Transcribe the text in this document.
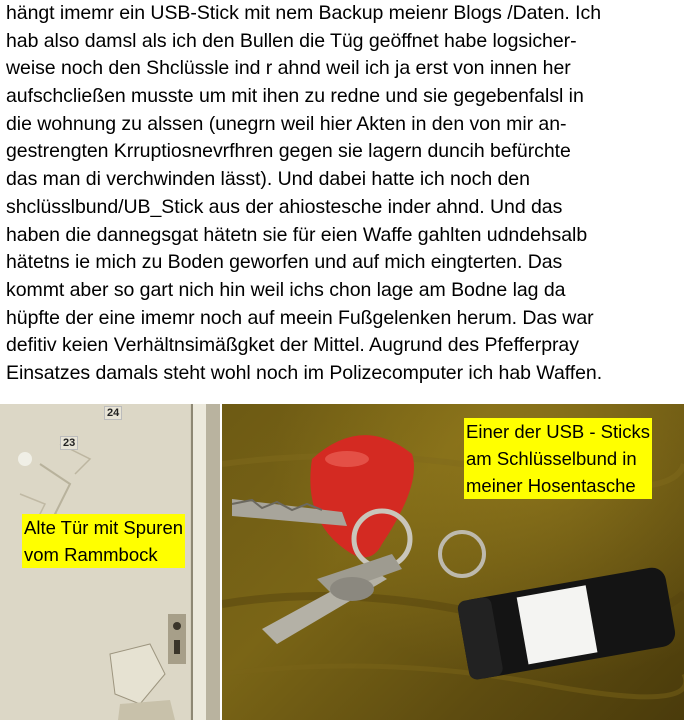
hängt imemr ein USB-Stick mit nem Backup meienr Blogs /Daten. Ich

hab also damsl als ich den Bullen die Tüg geöffnet habe logsicher-

weise noch den Shclüssle ind r ahnd weil ich ja erst von innen her

aufschcließen musste um mit ihen zu redne und sie gegebenfalsl in

die wohnung zu alssen (unegrn weil hier Akten in den von mir an-

gestrengten Krruptiosnevrfhren gegen sie lagern duncih befürchte

das man di verchwinden lässt). Und dabei hatte ich noch den

shclüsslbund/UB_Stick aus der ahiostesche inder ahnd. Und das

haben die dannegsgat hätetn sie für eien Waffe gahlten udndehsalb

hätetns ie mich zu Boden geworfen und auf mich eingterten. Das

kommt aber so gart nich hin weil ichs chon lage am Bodne lag da

hüpfte der eine imemr noch auf meein Fußgelenken herum. Das war

defitiv keien Verhältnsimäßgket der Mittel. Augrund des Pfefferpray

Einsatzes damals steht wohl noch im Polizecomputer ich hab Waffen.

24
23
Alte Tür mit Spuren
vom Rammbock
Einer der USB - Sticks
am Schlüsselbund in
meiner Hosentasche
